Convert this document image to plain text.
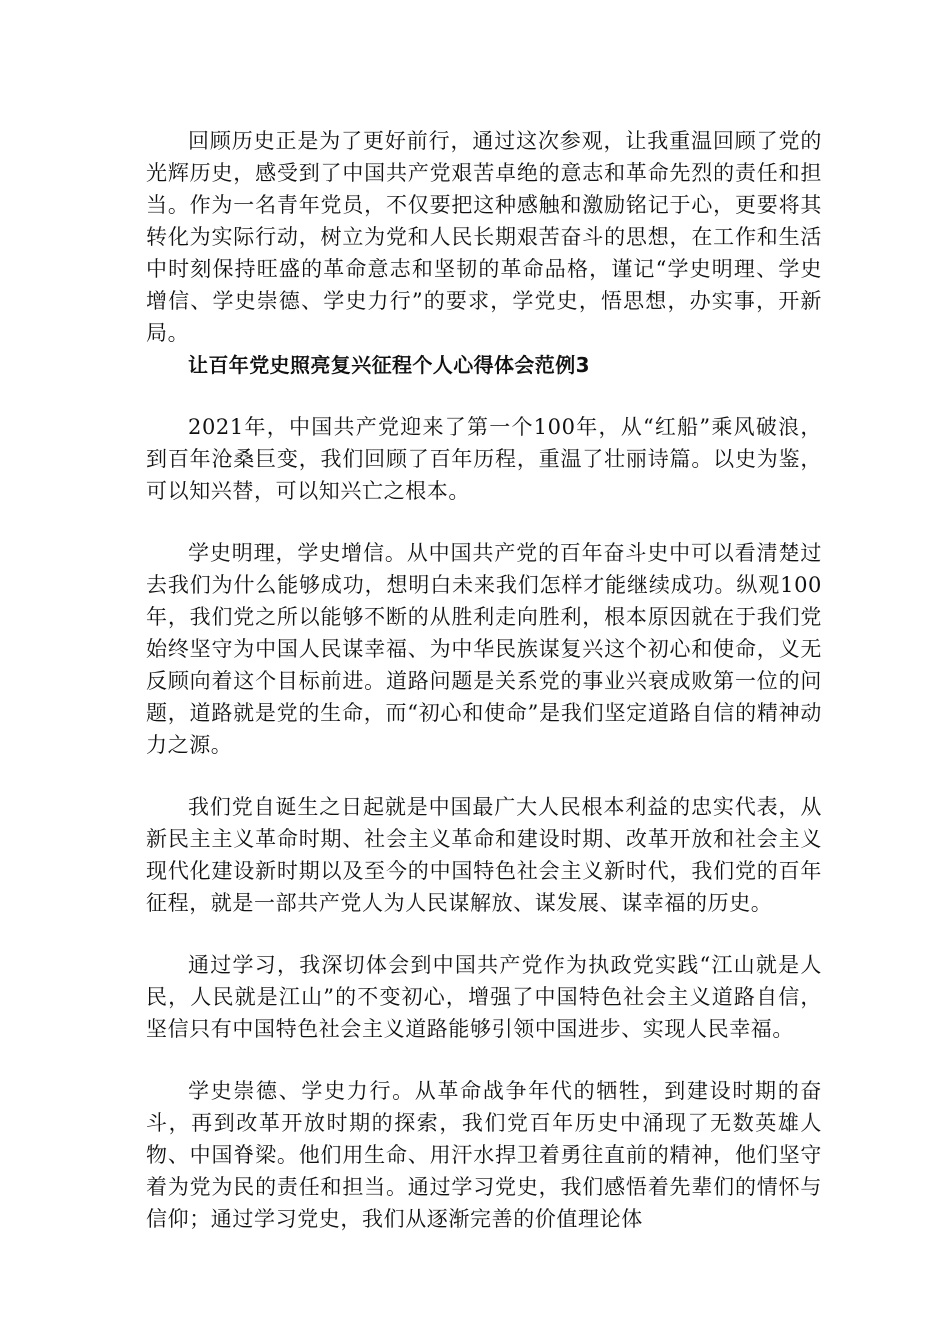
回顾历史正是为了更好前行，通过这次参观，让我重温回顾了党的光辉历史，感受到了中国共产党艰苦卓绝的意志和革命先烈的责任和担当。作为一名青年党员，不仅要把这种感触和激励铭记于心，更要将其转化为实际行动，树立为党和人民长期艰苦奋斗的思想，在工作和生活中时刻保持旺盛的革命意志和坚韧的革命品格，谨记“学史明理、学史增信、学史崇德、学史力行”的要求，学党史，悟思想，办实事，开新局。

让百年党史照亮复兴征程个人心得体会范例3

2021年，中国共产党迎来了第一个100年，从“红船”乘风破浪，到百年沧桑巨变，我们回顾了百年历程，重温了壮丽诗篇。以史为鉴，可以知兴替，可以知兴亡之根本。

学史明理，学史增信。从中国共产党的百年奋斗史中可以看清楚过去我们为什么能够成功，想明白未来我们怎样才能继续成功。纵观100年，我们党之所以能够不断的从胜利走向胜利，根本原因就在于我们党始终坚守为中国人民谋幸福、为中华民族谋复兴这个初心和使命，义无反顾向着这个目标前进。道路问题是关系党的事业兴衰成败第一位的问题，道路就是党的生命，而“初心和使命”是我们坚定道路自信的精神动力之源。

我们党自诞生之日起就是中国最广大人民根本利益的忠实代表，从新民主主义革命时期、社会主义革命和建设时期、改革开放和社会主义现代化建设新时期以及至今的中国特色社会主义新时代，我们党的百年征程，就是一部共产党人为人民谋解放、谋发展、谋幸福的历史。

通过学习，我深切体会到中国共产党作为执政党实践“江山就是人民，人民就是江山”的不变初心，增强了中国特色社会主义道路自信，坚信只有中国特色社会主义道路能够引领中国进步、实现人民幸福。

学史崇德、学史力行。从革命战争年代的牺牲，到建设时期的奋斗，再到改革开放时期的探索，我们党百年历史中涌现了无数英雄人物、中国脊梁。他们用生命、用汗水捍卫着勇往直前的精神，他们坚守着为党为民的责任和担当。通过学习党史，我们感悟着先辈们的情怀与信仰；通过学习党史，我们从逐渐完善的价值理论体
